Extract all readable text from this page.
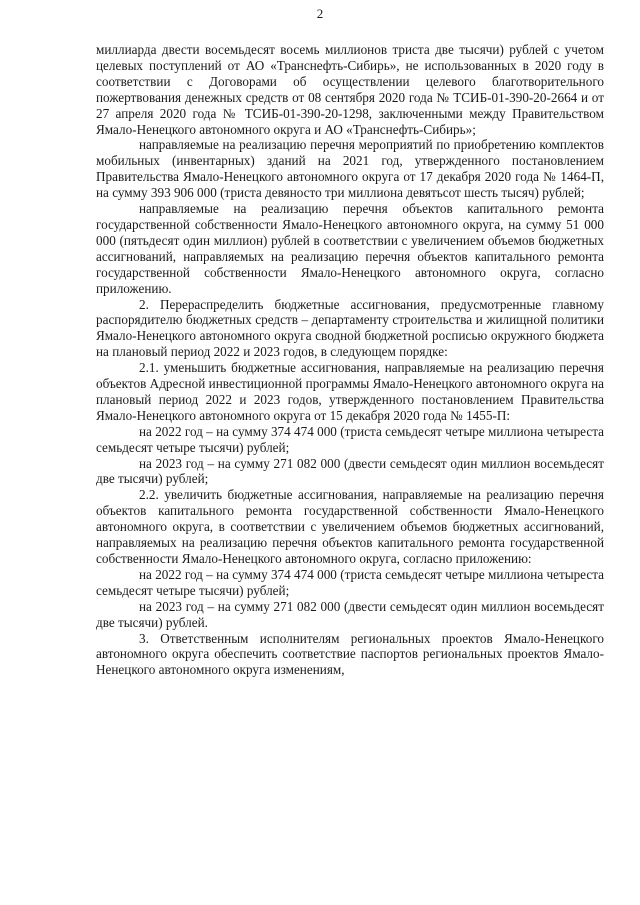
2

миллиарда двести восемьдесят восемь миллионов триста две тысячи) рублей с учетом целевых поступлений от АО «Транснефть-Сибирь», не использованных в 2020 году в соответствии с Договорами об осуществлении целевого благотворительного пожертвования денежных средств от 08 сентября 2020 года № ТСИБ-01-390-20-2664 и от 27 апреля 2020 года № ТСИБ-01-390-20-1298, заключенными между Правительством Ямало-Ненецкого автономного округа и АО «Транснефть-Сибирь»;

направляемые на реализацию перечня мероприятий по приобретению комплектов мобильных (инвентарных) зданий на 2021 год, утвержденного постановлением Правительства Ямало-Ненецкого автономного округа от 17 декабря 2020 года № 1464-П, на сумму 393 906 000 (триста девяносто три миллиона девятьсот шесть тысяч) рублей;

направляемые на реализацию перечня объектов капитального ремонта государственной собственности Ямало-Ненецкого автономного округа, на сумму 51 000 000 (пятьдесят один миллион) рублей в соответствии с увеличением объемов бюджетных ассигнований, направляемых на реализацию перечня объектов капитального ремонта государственной собственности Ямало-Ненецкого автономного округа, согласно приложению.

2. Перераспределить бюджетные ассигнования, предусмотренные главному распорядителю бюджетных средств – департаменту строительства и жилищной политики Ямало-Ненецкого автономного округа сводной бюджетной росписью окружного бюджета на плановый период 2022 и 2023 годов, в следующем порядке:

2.1. уменьшить бюджетные ассигнования, направляемые на реализацию перечня объектов Адресной инвестиционной программы Ямало-Ненецкого автономного округа на плановый период 2022 и 2023 годов, утвержденного постановлением Правительства Ямало-Ненецкого автономного округа от 15 декабря 2020 года № 1455-П:

на 2022 год – на сумму 374 474 000 (триста семьдесят четыре миллиона четыреста семьдесят четыре тысячи) рублей;

на 2023 год – на сумму 271 082 000 (двести семьдесят один миллион восемьдесят две тысячи) рублей;

2.2. увеличить бюджетные ассигнования, направляемые на реализацию перечня объектов капитального ремонта государственной собственности Ямало-Ненецкого автономного округа, в соответствии с увеличением объемов бюджетных ассигнований, направляемых на реализацию перечня объектов капитального ремонта государственной собственности Ямало-Ненецкого автономного округа, согласно приложению:

на 2022 год – на сумму 374 474 000 (триста семьдесят четыре миллиона четыреста семьдесят четыре тысячи) рублей;

на 2023 год – на сумму 271 082 000 (двести семьдесят один миллион восемьдесят две тысячи) рублей.

3. Ответственным исполнителям региональных проектов Ямало-Ненецкого автономного округа обеспечить соответствие паспортов региональных проектов Ямало-Ненецкого автономного округа изменениям,
